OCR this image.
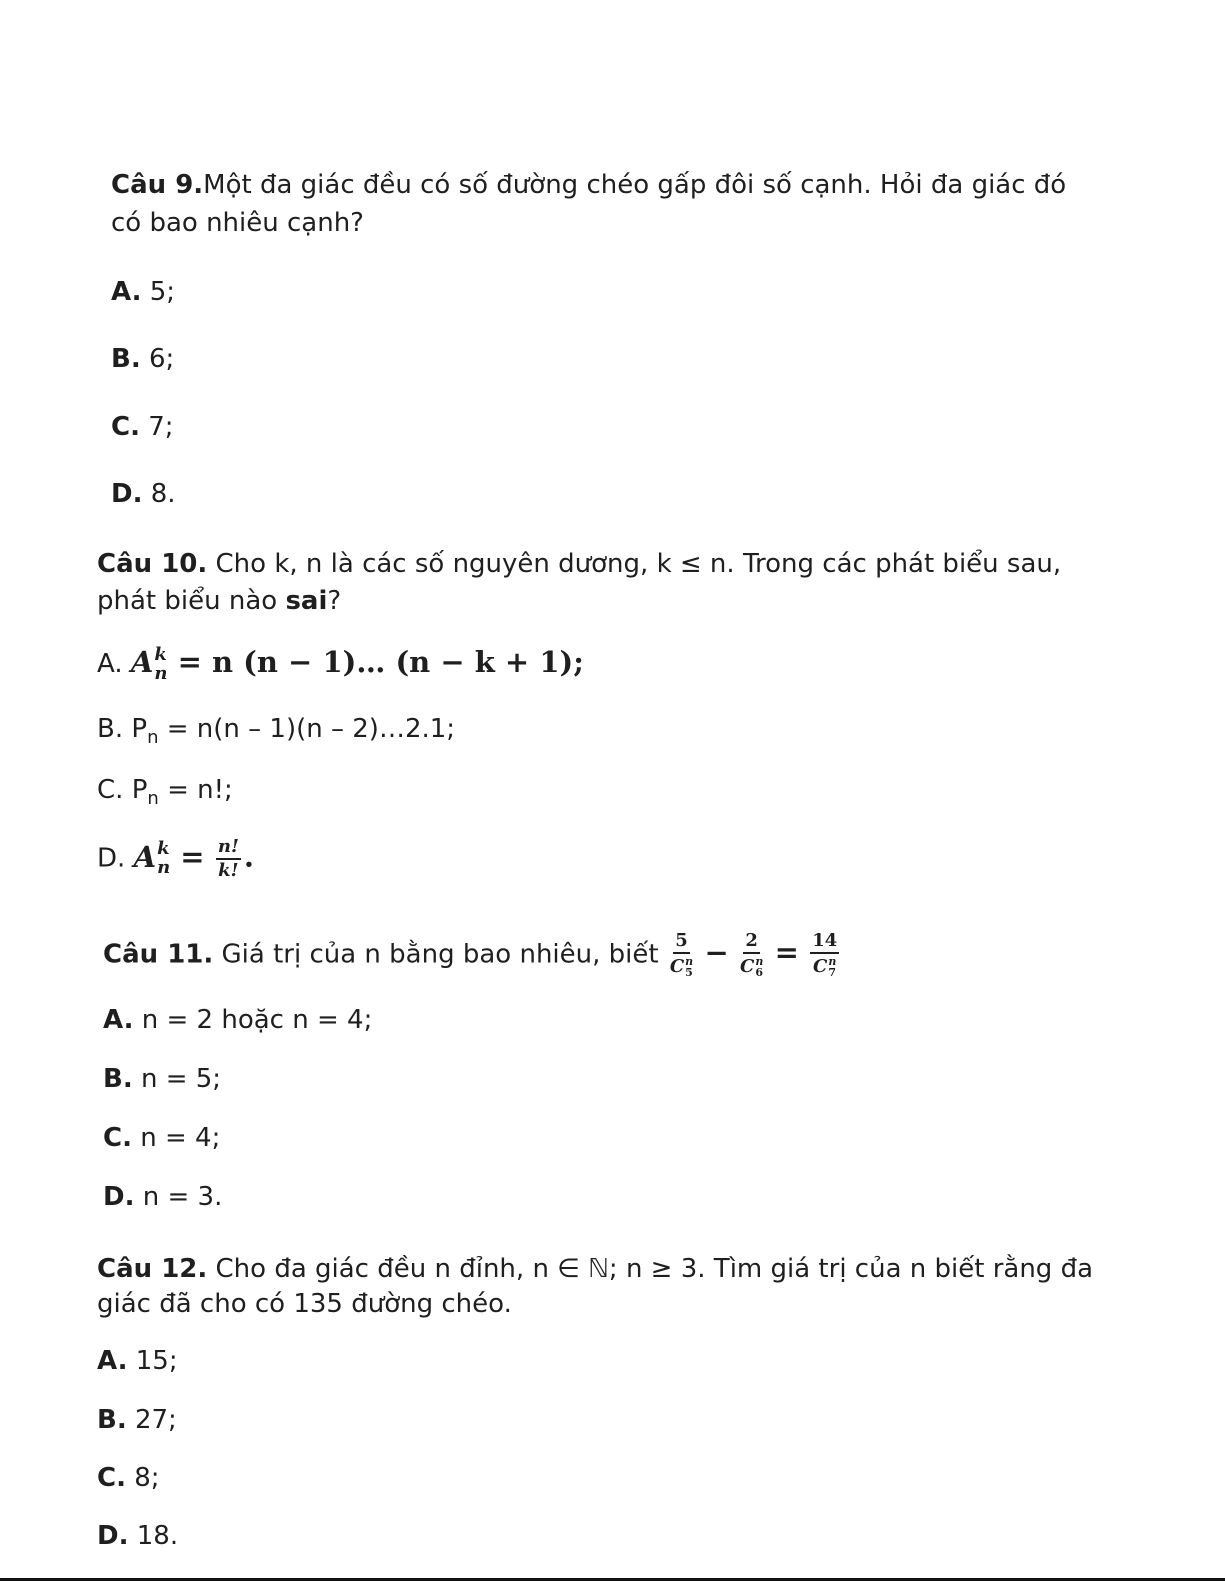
Câu 9.Một đa giác đều có số đường chéo gấp đôi số cạnh. Hỏi đa giác đó
có bao nhiêu cạnh?
A. 5;
B. 6;
C. 7;
D. 8.
Câu 10. Cho k, n là các số nguyên dương, k ≤ n. Trong các phát biểu sau,
phát biểu nào sai?
A. A k
n = n (n − 1)… (n − k + 1);
B. $P_n = n(n - 1)(n$ – 2)…2.1;
C. $P_n = n$!;
D. A k
$n = \frac{n!}{k!}$ .
Câu 11. Giá trị của n bằng bao nhiêu, biết 5
C n
5 − 2
C n
6 = 14
C n
7
A. n = 2 hoặc n = 4;
B. n = 5;
C. n = 4;
D. n = 3.
Câu 12. Cho đa giác đều n đỉnh, n ∈ ℕ; n ≥ 3. Tìm giá trị của n biết rằng đa
giác đã cho có 135 đường chéo.
A. 15;
B. 27;
C. 8;
D. 18.
